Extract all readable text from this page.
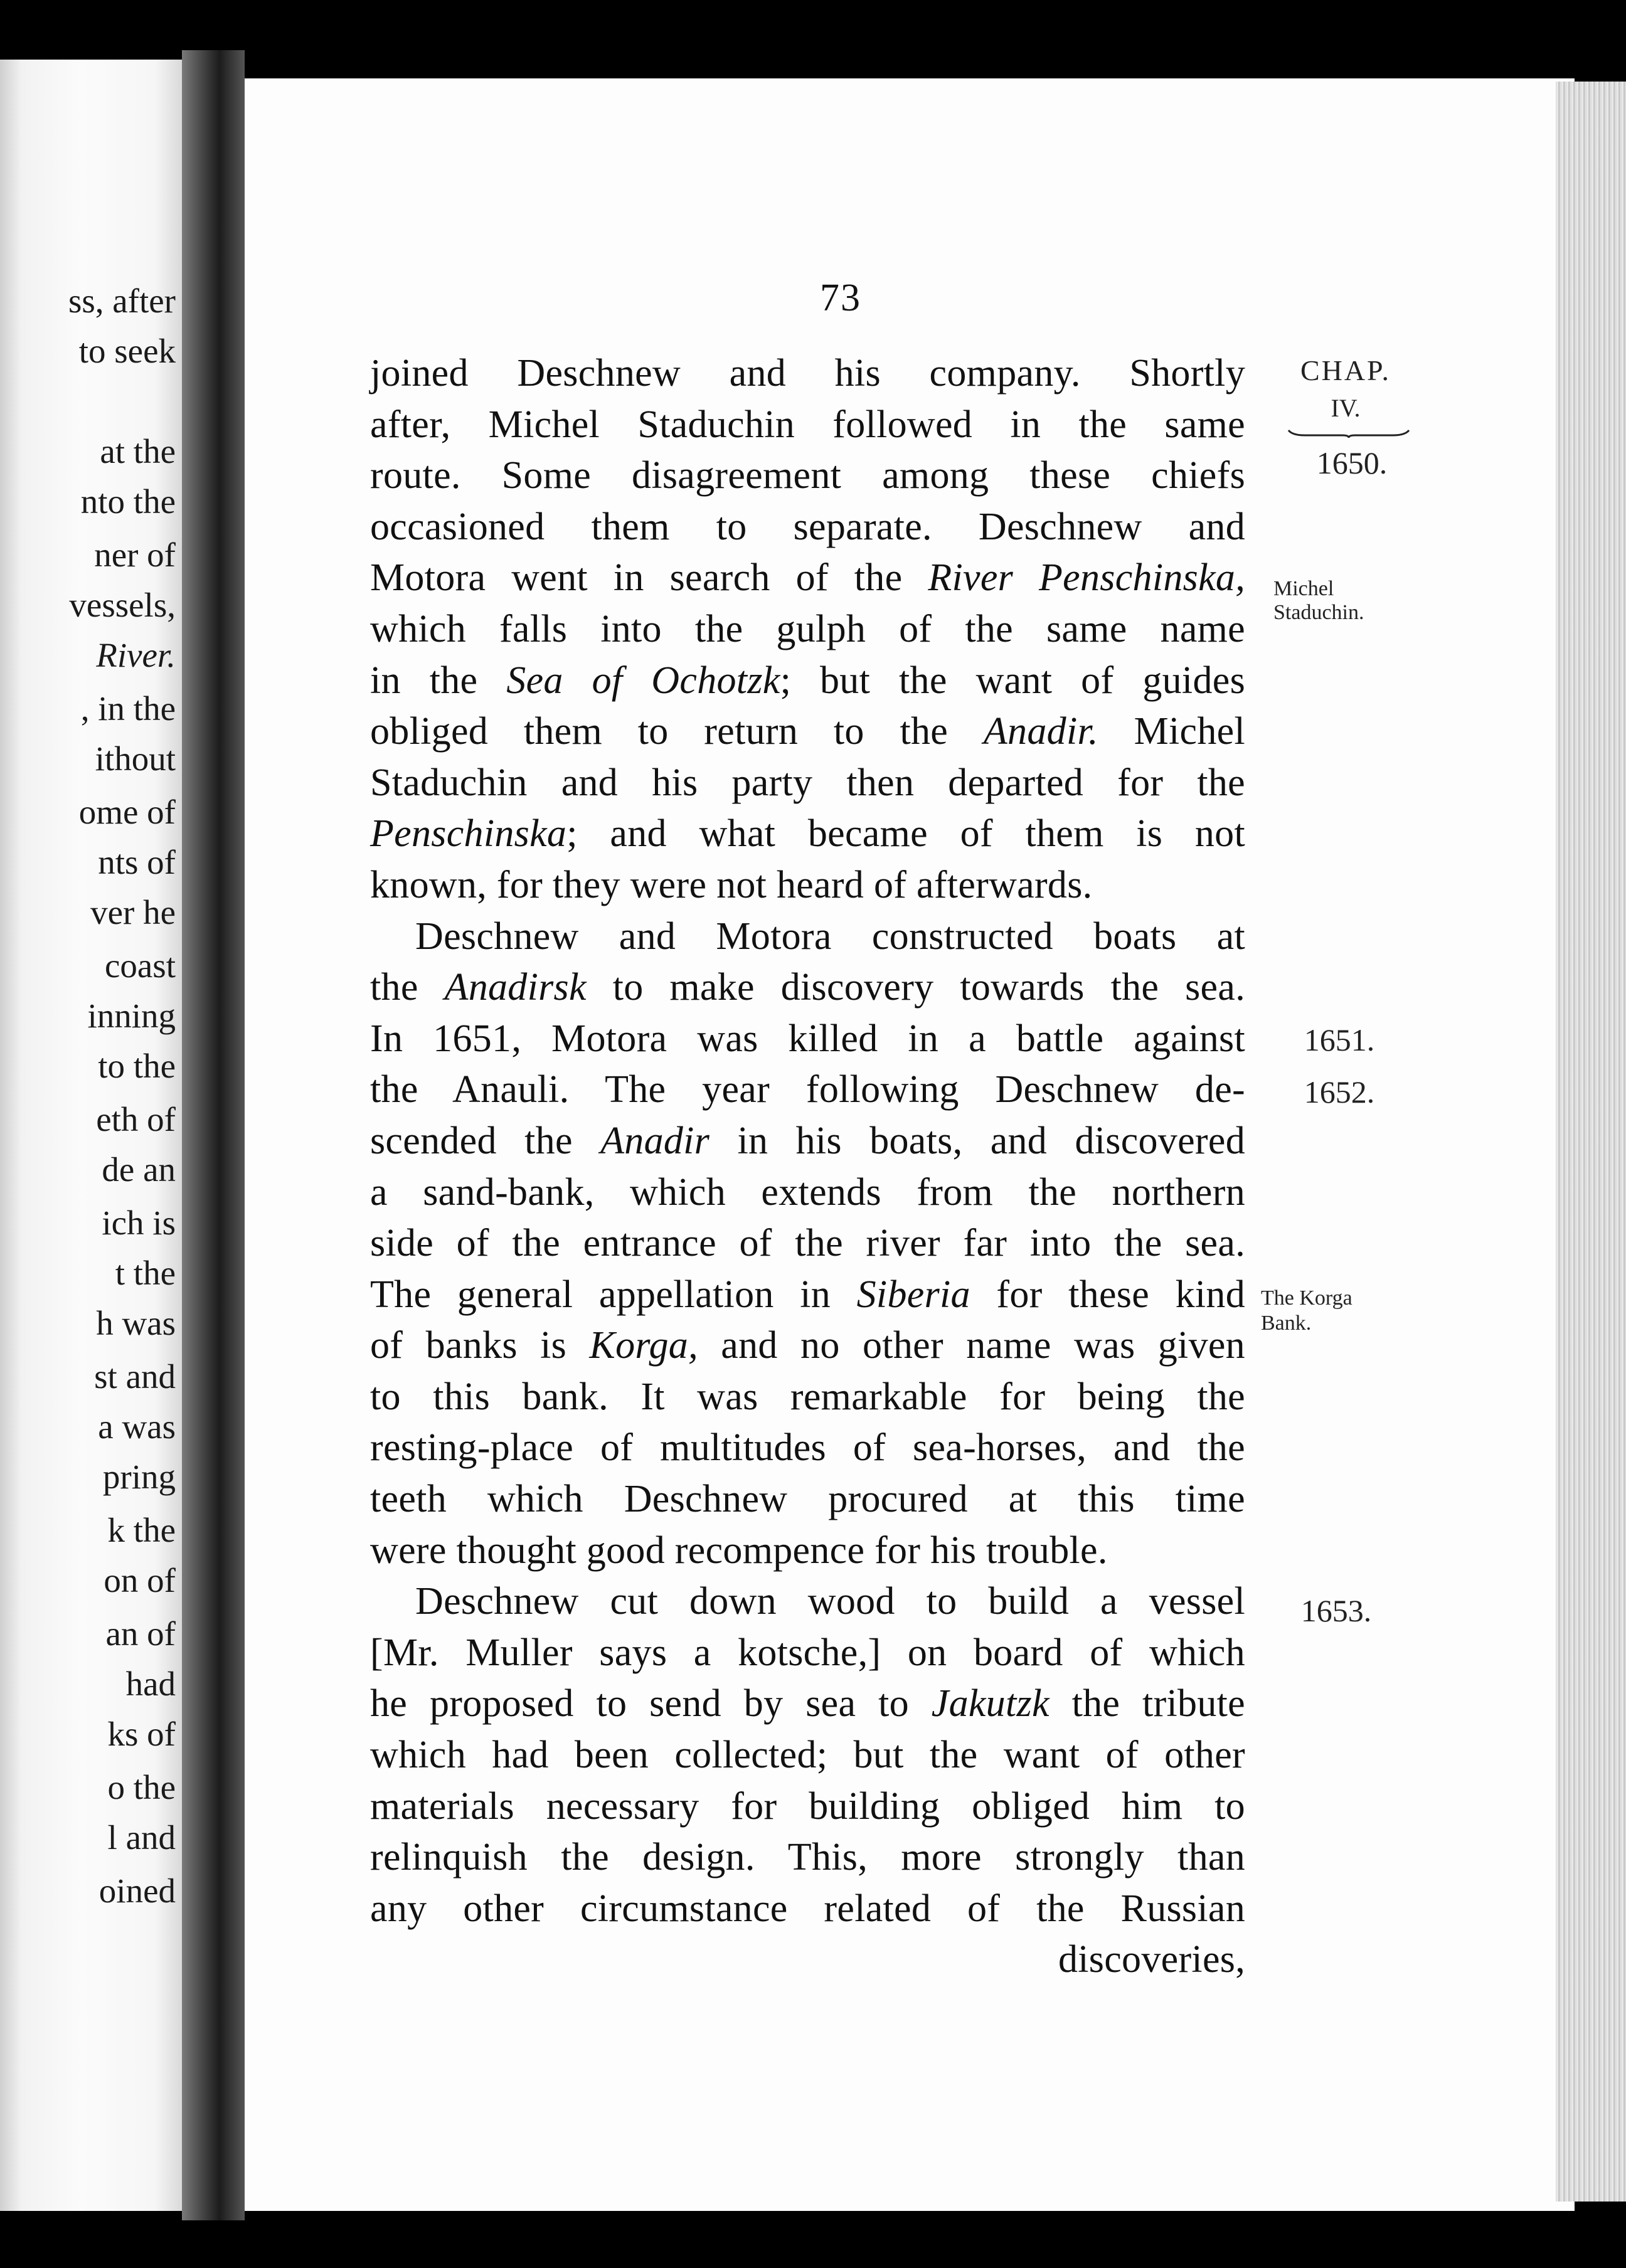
ss, after
to seek
at the
nto the
ner of
vessels,
River.
, in the
ithout
ome of
nts of
ver he
coast
inning
to the
eth of
de an
ich is
t the
h was
st and
a was
pring
k the
on of
an of
had
ks of
o the
l and
oined
73
CHAP.
IV.
1650.
Michel
Staduchin.
1651.
1652.
The Korga
Bank.
1653.
joined Deschnew and his company. Shortly
after, Michel Staduchin followed in the same
route. Some disagreement among these chiefs
occasioned them to separate. Deschnew and
Motora went in search of the River Penschinska,
which falls into the gulph of the same name
in the Sea of Ochotzk; but the want of guides
obliged them to return to the Anadir. Michel
Staduchin and his party then departed for the
Penschinska; and what became of them is not
known, for they were not heard of afterwards.
Deschnew and Motora constructed boats at
the Anadirsk to make discovery towards the sea.
In 1651, Motora was killed in a battle against
the Anauli. The year following Deschnew de-
scended the Anadir in his boats, and discovered
a sand-bank, which extends from the northern
side of the entrance of the river far into the sea.
The general appellation in Siberia for these kind
of banks is Korga, and no other name was given
to this bank. It was remarkable for being the
resting-place of multitudes of sea-horses, and the
teeth which Deschnew procured at this time
were thought good recompence for his trouble.
Deschnew cut down wood to build a vessel
[Mr. Muller says a kotsche,] on board of which
he proposed to send by sea to Jakutzk the tribute
which had been collected; but the want of other
materials necessary for building obliged him to
relinquish the design. This, more strongly than
any other circumstance related of the Russian
discoveries,
